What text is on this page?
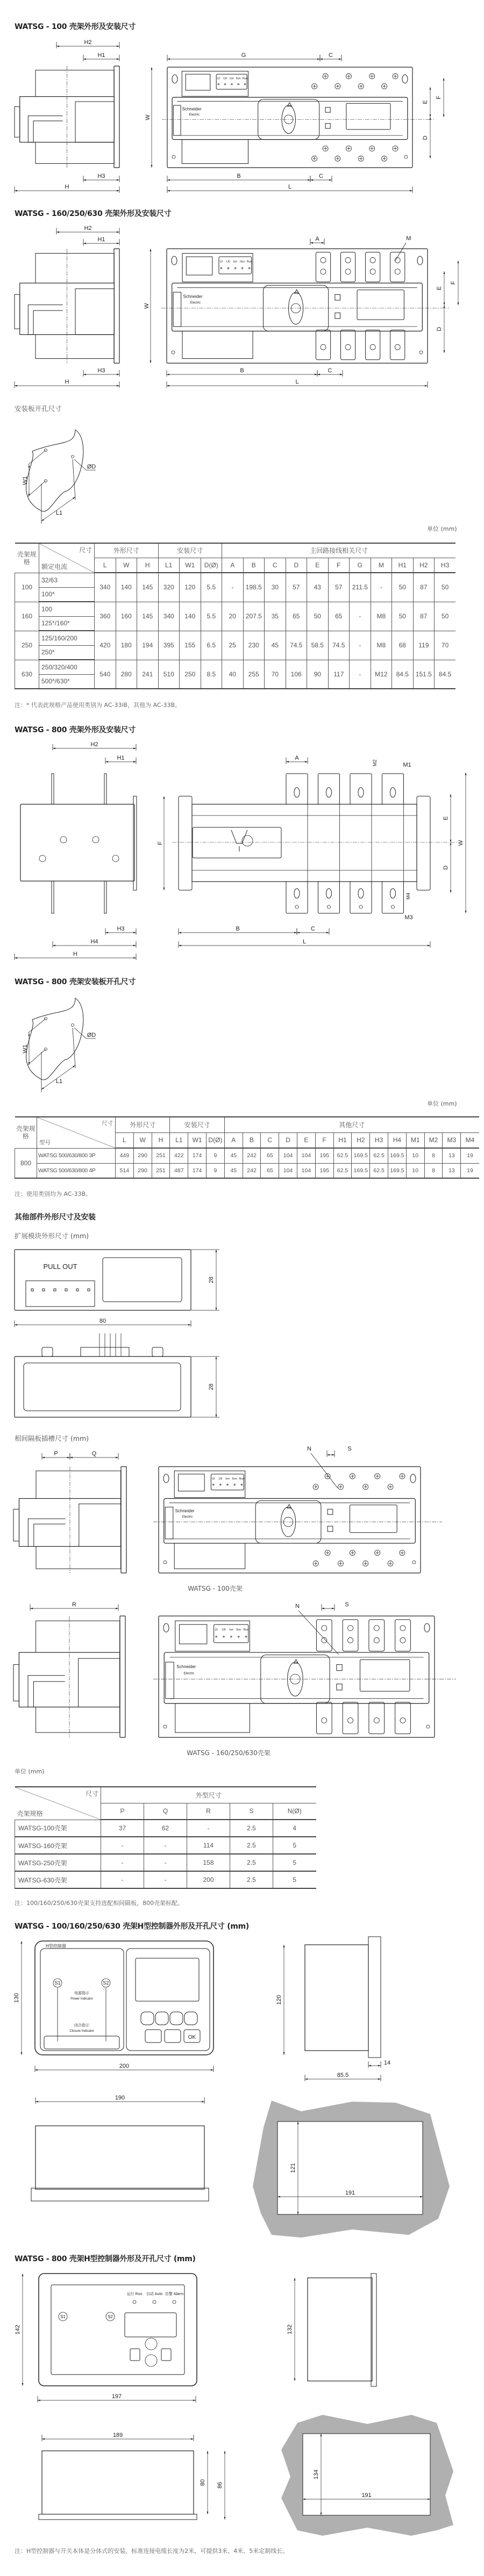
H2
H1
H3
H
UI UII Ion IIon Run
Schneider
Electric
G	C
B	C
L
W
F
E
D
H2
H1
H3
H
UI UII Ion IIon Run
Schneider
Electric
A	M
B	C
L
W
F
E
D
W1
L1
ØD
H2
H1
H3
H4
H
A
M2	M1
B	C
L
F
E
D
W
M4
M3
W1
L1
ØD
PULL OUT
28
80
28
UI UII Ion IIon Run
Schneider
Electric
P	Q
N	S
UI UII Ion IIon Run
Schneider
Electric
R	N	S
H型控制器
S1	S2
电源指示
Power Indicator
闭合指示
Closure Indicator
OK
130
200
120
14
85.5
190
121
191
运行 Run 自动 Auto 告警 Alarm
S1	S2
142
197
132
189
80 86
134
191
WATSG - 100 壳架外形及安装尺寸
WATSG - 160/250/630 壳架外形及安装尺寸
安装板开孔尺寸
单位 (mm)
壳架规格	尺寸
额定电流	外形尺寸			安装尺寸			主回路接线相关尺寸										
		L	W	H	L1	W1	D(Ø)	A	B	C	D	E	F	G	M	H1	H2	H3
100	32/63	340	140	145	320	120	5.5	-	198.5	30	57	43	57	211.5	-	50	87	50
	100*																	
160	100	360	160	145	340	140	5.5	20	207.5	35	65	50	65	-	M8	50	87	50
	125*/160*																	
250	125/160/200	420	180	194	395	155	6.5	25	230	45	74.5	58.5	74.5	-	M8	68	119	70
	250*																	
630	250/320/400	540	280	241	510	250	8.5	40	255	70	106	90	117	-	M12	84.5	151.5	84.5
	500*/630*																	
注：* 代表此规格产品使用类别为 AC-33iB，其他为 AC-33B。
WATSG - 800 壳架外形及安装尺寸
WATSG - 800 壳架安装板开孔尺寸
单位 (mm)
壳架规格	尺寸
型号	外形尺寸			安装尺寸			其他尺寸													
		L	W	H	L1	W1	D(Ø)	A	B	C	D	E	F	H1	H2	H3	H4	M1	M2	M3	M4
800	WATSG 500/630/800 3P	449	290	251	422	174	9	45	242	65	104	104	195	62.5	169.5	62.5	169.5	10	8	13	19
	WATSG 500/630/800 4P	514	290	251	487	174	9	45	242	65	104	104	195	62.5	169.5	62.5	169.5	10	8	13	19
注：使用类别均为 AC-33B。
其他部件外形尺寸及安装
扩展模块外形尺寸 (mm)
相间隔板插槽尺寸 (mm)
WATSG - 100壳架
WATSG - 160/250/630壳架
单位 (mm)
尺寸
壳架规格	外型尺寸				
	P	Q	R	S	N(Ø)
WATSG-100壳架	37	62	-	2.5	4
WATSG-160壳架	-	-	114	2.5	5
WATSG-250壳架	-	-	158	2.5	5
WATSG-630壳架	-	-	200	2.5	5
注：100/160/250/630壳架支持选配相间隔板，800壳架标配。
WATSG - 100/160/250/630 壳架H型控制器外形及开孔尺寸 (mm)
WATSG - 800 壳架H型控制器外形及开孔尺寸 (mm)
注：H型控制器与开关本体是分体式的安装，标准连接电缆长度为2米，可提供3米、4米、5米定制线长。
